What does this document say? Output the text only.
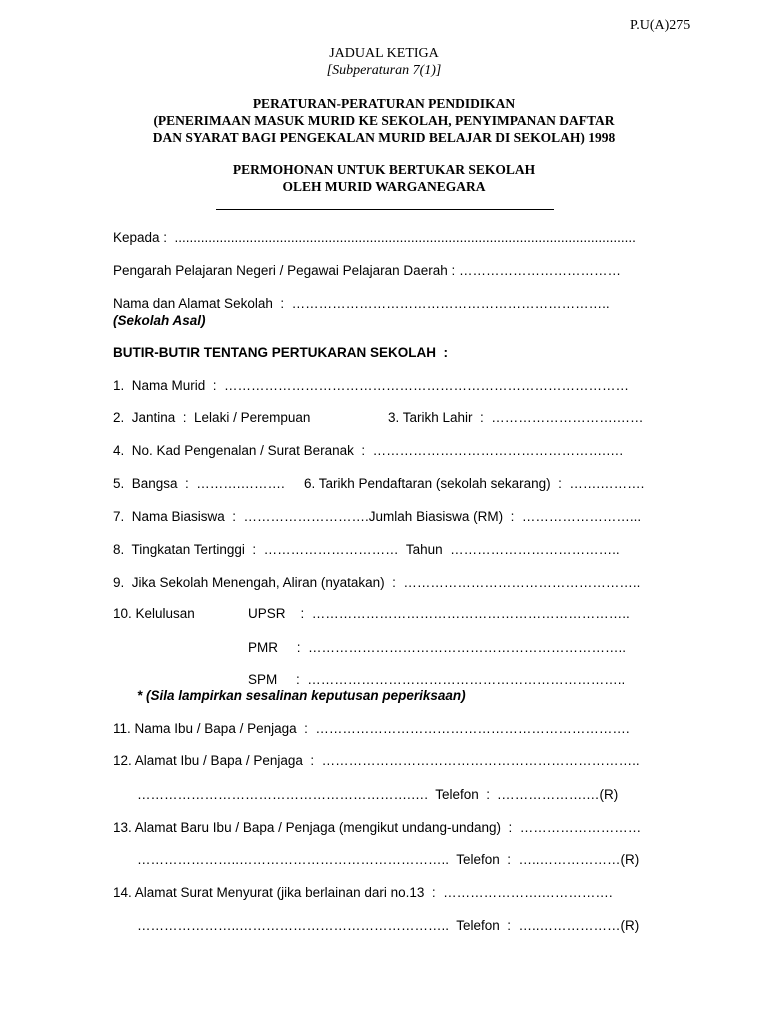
P.U(A)275
JADUAL KETIGA
[Subperaturan 7(1)]
PERATURAN-PERATURAN PENDIDIKAN
(PENERIMAAN MASUK MURID KE SEKOLAH, PENYIMPANAN DAFTAR
DAN SYARAT BAGI PENGEKALAN MURID BELAJAR DI SEKOLAH) 1998
PERMOHONAN UNTUK BERTUKAR SEKOLAH
OLEH MURID WARGANEGARA
Kepada :  ...........................................................................................................................
Pengarah Pelajaran Negeri / Pegawai Pelajaran Daerah : ………………………………
Nama dan Alamat Sekolah  :  ……………………………………………………………..
(Sekolah Asal)
BUTIR-BUTIR TENTANG PERTUKARAN SEKOLAH  :
1.  Nama Murid  :  ………………………………………………………………………………
2.  Jantina  :  Lelaki / Perempuan	3. Tarikh Lahir  :  ……………………….……
4.  No. Kad Pengenalan / Surat Beranak  :  …………………………………………….….
5.  Bangsa  :  ……….………. 6. Tarikh Pendaftaran (sekolah sekarang)  :  …….……….
7.  Nama Biasiswa  :  ……………………….Jumlah Biasiswa (RM)  :  ……………………...
8.  Tingkatan Tertinggi  :  …………………………  Tahun  ………………………………..
9.  Jika Sekolah Menengah, Aliran (nyatakan)  :  ……………………………………………..
10. Kelulusan	UPSR    :  ……………………………………………………………..
PMR     :  ……………………………………………………………..
SPM     :  ……………………………………………………………..
* (Sila lampirkan sesalinan keputusan peperiksaan)
11. Nama Ibu / Bapa / Penjaga  :  …………………………………………………………….
12. Alamat Ibu / Bapa / Penjaga  :  ……………………………………………………………..
…………………………………………………….….  Telefon  :  .……………….…(R)
13. Alamat Baru Ibu / Bapa / Penjaga (mengikut undang-undang)  :  ………………………
…………………..………………………………………..  Telefon  :  …..………………(R)
14. Alamat Surat Menyurat (jika berlainan dari no.13  :  ………………….…………….
…………………..………………………………………..  Telefon  :  …..………………(R)
